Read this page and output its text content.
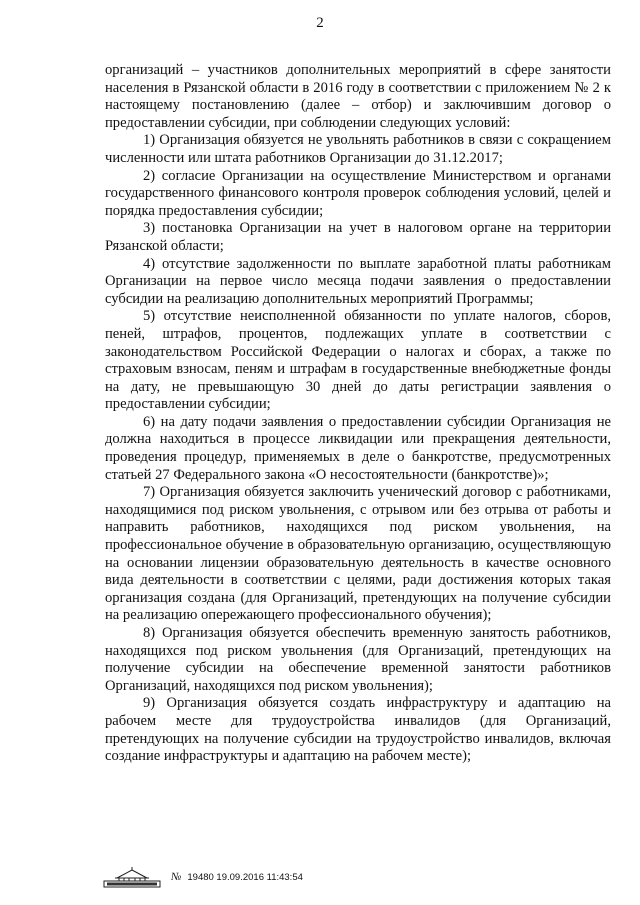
2

организаций – участников дополнительных мероприятий в сфере занятости населения в Рязанской области в 2016 году в соответствии с приложением № 2 к настоящему постановлению (далее – отбор) и заключившим договор о предоставлении субсидии, при соблюдении следующих условий:

1) Организация обязуется не увольнять работников в связи с сокращением численности или штата работников Организации до 31.12.2017;

2) согласие Организации на осуществление Министерством и органами государственного финансового контроля проверок соблюдения условий, целей и порядка предоставления субсидии;

3) постановка Организации на учет в налоговом органе на территории Рязанской области;

4) отсутствие задолженности по выплате заработной платы работникам Организации на первое число месяца подачи заявления о предоставлении субсидии на реализацию дополнительных мероприятий Программы;

5) отсутствие неисполненной обязанности по уплате налогов, сборов, пеней, штрафов, процентов, подлежащих уплате в соответствии с законодательством Российской Федерации о налогах и сборах, а также по страховым взносам, пеням и штрафам в государственные внебюджетные фонды на дату, не превышающую 30 дней до даты регистрации заявления о предоставлении субсидии;

6) на дату подачи заявления о предоставлении субсидии Организация не должна находиться в процессе ликвидации или прекращения деятельности, проведения процедур, применяемых в деле о банкротстве, предусмотренных статьей 27 Федерального закона «О несостоятельности (банкротстве)»;

7) Организация обязуется заключить ученический договор с работниками, находящимися под риском увольнения, с отрывом или без отрыва от работы и направить работников, находящихся под риском увольнения, на профессиональное обучение в образовательную организацию, осуществляющую на основании лицензии образовательную деятельность в качестве основного вида деятельности в соответствии с целями, ради достижения которых такая организация создана (для Организаций, претендующих на получение субсидии на реализацию опережающего профессионального обучения);

8) Организация обязуется обеспечить временную занятость работников, находящихся под риском увольнения (для Организаций, претендующих на получение субсидии на обеспечение временной занятости работников Организаций, находящихся под риском увольнения);

9) Организация обязуется создать инфраструктуру и адаптацию на рабочем месте для трудоустройства инвалидов (для Организаций, претендующих на получение субсидии на трудоустройство инвалидов, включая создание инфраструктуры и адаптацию на рабочем месте);

№ 19480 19.09.2016 11:43:54
